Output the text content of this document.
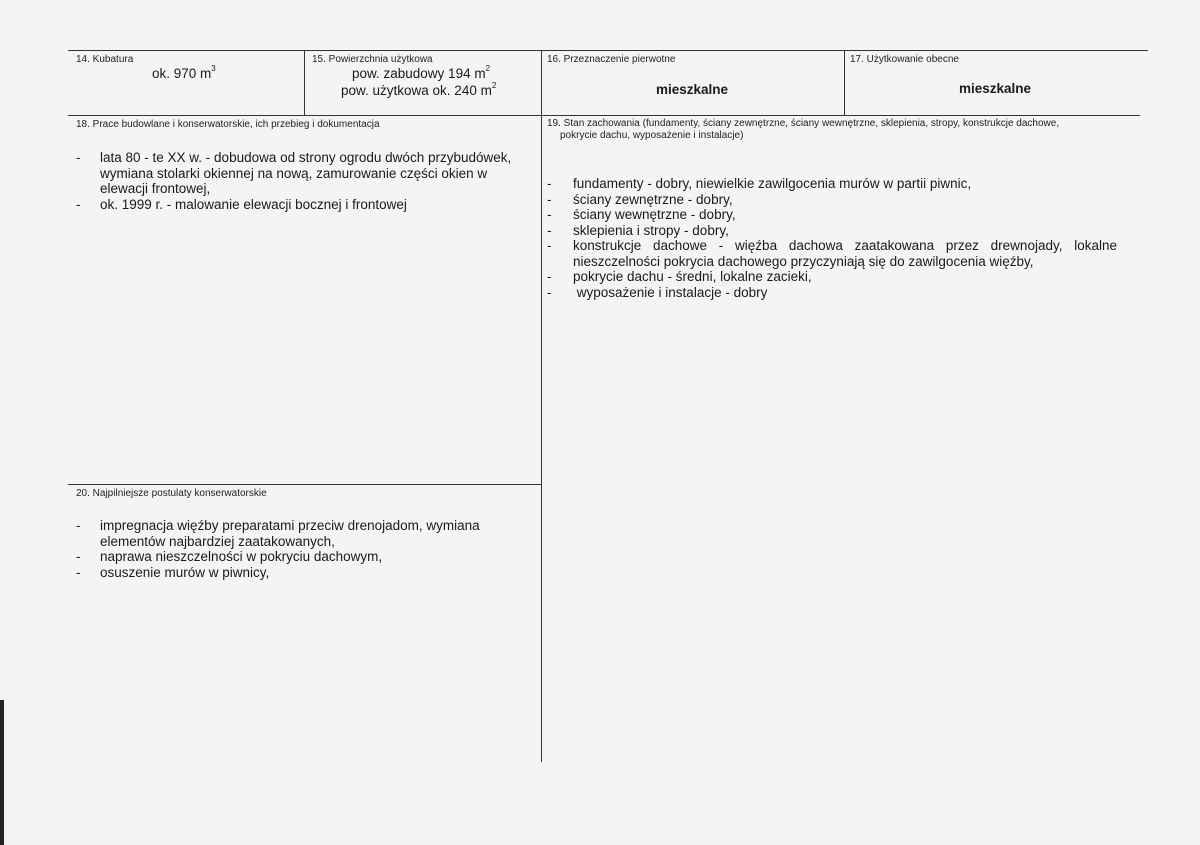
14. Kubatura
ok. 970 $m^3$
15. Powierzchnia użytkowa
pow. zabudowy 194 $m^2$
pow. użytkowa ok. 240 $m^2$
16. Przeznaczenie pierwotne
mieszkalne
17. Użytkowanie obecne
mieszkalne
18. Prace budowlane i konserwatorskie, ich przebieg i dokumentacja
- lata 80 - te XX w. - dobudowa od strony ogrodu dwóch przybudówek,
wymiana stolarki okiennej na nową, zamurowanie części okien w
elewacji frontowej,
- ok. 1999 r. - malowanie elewacji bocznej i frontowej
19. Stan zachowania (fundamenty, ściany zewnętrzne, ściany wewnętrzne, sklepienia, stropy, konstrukcje dachowe,
pokrycie dachu, wyposażenie i instalacje)
- fundamenty - dobry, niewielkie zawilgocenia murów w partii piwnic,
- ściany zewnętrzne - dobry,
- ściany wewnętrzne - dobry,
- sklepienia i stropy - dobry,
- konstrukcje dachowe - więźba dachowa zaatakowana przez drewnojady, lokalne
nieszczelności pokrycia dachowego przyczyniają się do zawilgocenia więźby,
- pokrycie dachu - średni, lokalne zacieki,
- wyposażenie i instalacje - dobry
20. Najpilniejsze postulaty konserwatorskie
- impregnacja więźby preparatami przeciw drenojadom, wymiana
elementów najbardziej zaatakowanych,
- naprawa nieszczelności w pokryciu dachowym,
- osuszenie murów w piwnicy,
